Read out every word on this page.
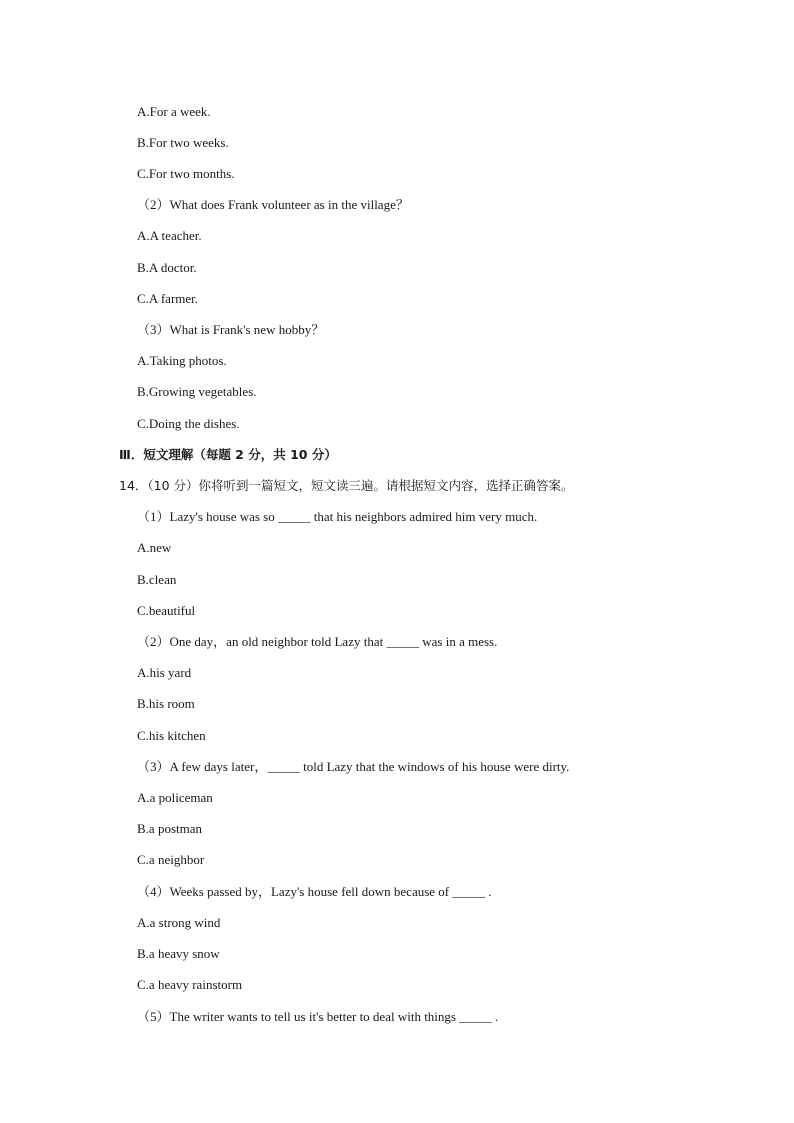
A.For a week.
B.For two weeks.
C.For two months.
（2）What does Frank volunteer as in the village？
A.A teacher.
B.A doctor.
C.A farmer.
（3）What is Frank's new hobby？
A.Taking photos.
B.Growing vegetables.
C.Doing the dishes.
Ⅲ．短文理解（每题 2 分，共 10 分）
14．（10 分）你将听到一篇短文，短文读三遍。请根据短文内容，选择正确答案。
（1）Lazy's house was so _____ that his neighbors admired him very much.
A.new
B.clean
C.beautiful
（2）One day，an old neighbor told Lazy that _____ was in a mess.
A.his yard
B.his room
C.his kitchen
（3）A few days later，_____ told Lazy that the windows of his house were dirty.
A.a policeman
B.a postman
C.a neighbor
（4）Weeks passed by，Lazy's house fell down because of _____ .
A.a strong wind
B.a heavy snow
C.a heavy rainstorm
（5）The writer wants to tell us it's better to deal with things _____ .
